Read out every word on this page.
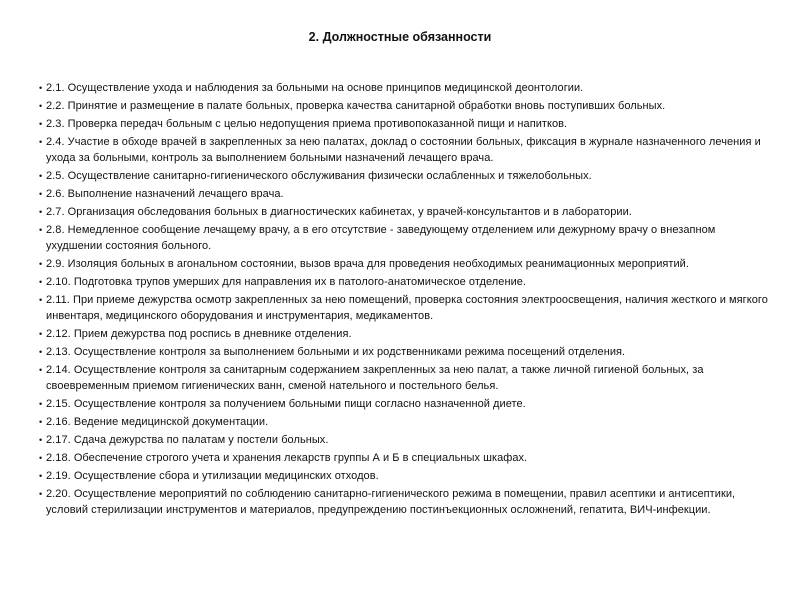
2. Должностные обязанности
• 2.1. Осуществление ухода и наблюдения за больными на основе принципов медицинской деонтологии.
• 2.2. Принятие и размещение в палате больных, проверка качества санитарной обработки вновь поступивших больных.
• 2.3. Проверка передач больным с целью недопущения приема противопоказанной пищи и напитков.
• 2.4. Участие в обходе врачей в закрепленных за нею палатах, доклад о состоянии больных, фиксация в журнале назначенного лечения и ухода за больными, контроль за выполнением больными назначений лечащего врача.
• 2.5. Осуществление санитарно-гигиенического обслуживания физически ослабленных и тяжелобольных.
• 2.6. Выполнение назначений лечащего врача.
• 2.7. Организация обследования больных в диагностических кабинетах, у врачей-консультантов и в лаборатории.
• 2.8. Немедленное сообщение лечащему врачу, а в его отсутствие - заведующему отделением или дежурному врачу о внезапном ухудшении состояния больного.
• 2.9. Изоляция больных в агональном состоянии, вызов врача для проведения необходимых реанимационных мероприятий.
• 2.10. Подготовка трупов умерших для направления их в патолого-анатомическое отделение.
• 2.11. При приеме дежурства осмотр закрепленных за нею помещений, проверка состояния электроосвещения, наличия жесткого и мягкого инвентаря, медицинского оборудования и инструментария, медикаментов.
• 2.12. Прием дежурства под роспись в дневнике отделения.
• 2.13. Осуществление контроля за выполнением больными и их родственниками режима посещений отделения.
• 2.14. Осуществление контроля за санитарным содержанием закрепленных за нею палат, а также личной гигиеной больных, за своевременным приемом гигиенических ванн, сменой нательного и постельного белья.
• 2.15. Осуществление контроля за получением больными пищи согласно назначенной диете.
• 2.16. Ведение медицинской документации.
• 2.17. Сдача дежурства по палатам у постели больных.
• 2.18. Обеспечение строгого учета и хранения лекарств группы А и Б в специальных шкафах.
• 2.19. Осуществление сбора и утилизации медицинских отходов.
• 2.20. Осуществление мероприятий по соблюдению санитарно-гигиенического режима в помещении, правил асептики и антисептики, условий стерилизации инструментов и материалов, предупреждению постинъекционных осложнений, гепатита, ВИЧ-инфекции.
